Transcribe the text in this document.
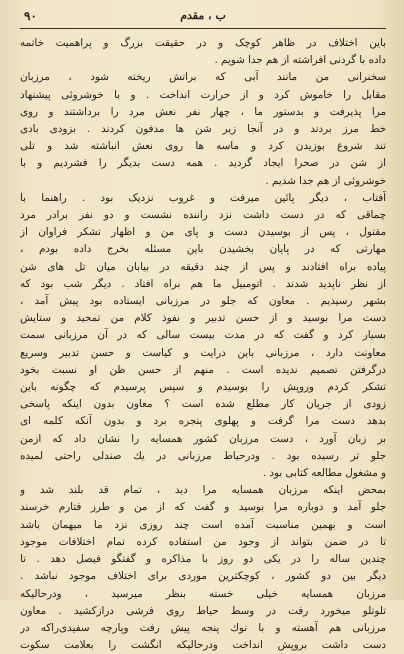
۹۰	ب ، مقدم
باین اختلاف در ظاهر کوچک و در حقیقت بزرگ و پراهمیت خاتمه
داده با گردنی افراشته از هم جدا شویم .
سخنرانی من مانند آبی که براتش ریخته شود ، مرزبان
مقابل را خاموش کرد و از حرارت انداخت . و با خوشروئی پیشنهاد
مرا پذیرفت و بدستور ما ، چهار نفر نعش مرد را برداشتند و روی
خط مرز بردند و در آنجا زیر شن ها مدفون کردند . بزودی بادی
تند شروع بوزیدن کرد و ماسه ها روی نعش انباشته شد و تلی
از شن در صحرا ایجاد گردید . همه دست بدیگر را فشردیم و با
خوشروئی از هم جدا شدیم .
آفتاب ، دیگر پائین میرفت و غروب نزدیک بود . راهنما با
چماقی که در دست داشت نزد راننده نشست و دو نفر برادر مرد
مقتول ، پس از بوسیدن دست و پای من و اظهار تشکر فراوان از
مهارتی که در پایان بخشیدن باین مسئله بخرج داده بودم ،
پیاده براه افتادند و پس از چند دقیقه در بیابان میان تل های شن
از نظر ناپدید شدند . اتومبیل ما هم براه افتاد . دیگر شب بود که
بشهر رسیدیم . معاون که جلو در مرزبانی ایستاده بود پیش آمد ،
دست مرا بوسید و از حسن تدبیر و نفوذ کلام من تمجید و ستایش
بسیار کرد و گفت که در مدت بیست سالی که در آن مرزبانی سمت
معاونت دارد ، مرزبانی باین درایت و کیاست و حسن تدبیر وسریع
درگرفتن تصمیم ندیده است . منهم از حسن ظن او نسبت بخود
تشکر کردم وروپش را بوسیدم و سپس پرسیدم که چگونه باین
زودی از جریان کار مطلع شده است ؟ معاون بدون اینکه پاسخی
بدهد دست مرا گرفت و پهلوی پنجره برد و بدون آنکه کلمه ای
بر زبان آورد ، دست مرزبان کشور همسایه را نشان داد که ازمن
جلو تر رسیده بود . ودرحیاط مرزبانی در یك صندلی راحتی لمیده
و مشغول مطالعه کتابی بود .
بمحض اینکه مرزبان همسایه مرا دید ، تمام قد بلند شد و
جلو آمد و دوباره مرا بوسید و گفت که از من و طرز فتارم خرسند
است و بهمین مناسبت آمده است چند روزی نزد ما میهمان باشد
تا در ضمن بتواند از وجود من استفاده کرده تمام اختلافات موجود
چندین ساله را در یکی دو روز با مذاکره و گفتگو فیصل دهد . تا
دیگر بین دو کشور ، کوچکترین موردی برای اختلاف موجود نباشد .
مرزبان همسایه خیلی خسته بنظر میرسید ، ودرحالیکه
تلوتلو میخورد رفت در وسط حیاط روی فرشی درازکشید . معاون
مرزبانی هم آهسته و با نوك پنجه پیش رفت وپارچه سفیدی‌راکه در
دست داشت بروپش انداخت ودرحالیکه انگشت را بعلامت سکوت
